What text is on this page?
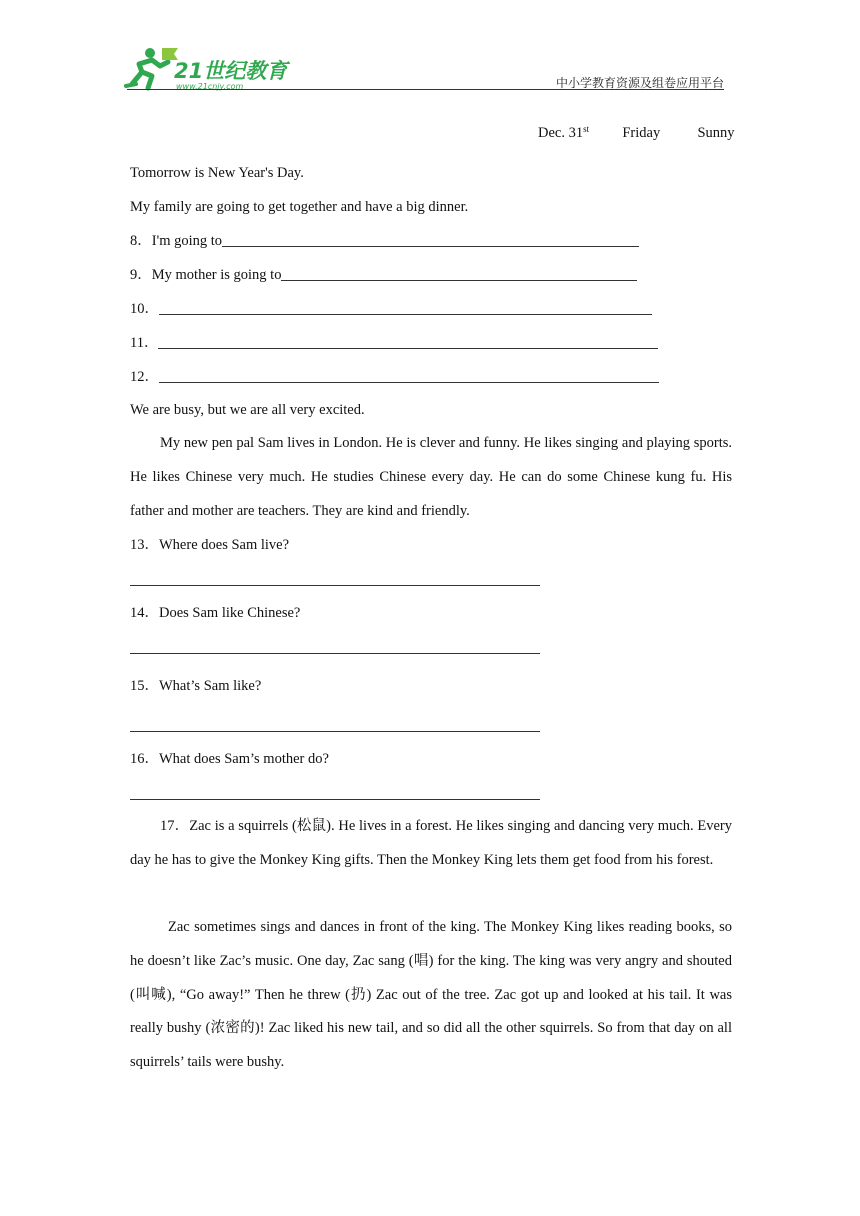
21世纪教育
www.21cnjy.com	中小学教育资源及组卷应用平台
Dec. 31st Friday	Sunny
Tomorrow is New Year's Day.
My family are going to get together and have a big dinner.
8．I'm going to
9．My mother is going to
10．
11．
12．
We are busy, but we are all very excited.
My new pen pal Sam lives in London. He is clever and funny. He likes singing and playing sports. He likes Chinese very much. He studies Chinese every day. He can do some Chinese kung fu. His father and mother are teachers. They are kind and friendly.
13．Where does Sam live?
14．Does Sam like Chinese?
15．What’s Sam like?
16．What does Sam’s mother do?
17．Zac is a squirrels (松鼠). He lives in a forest. He likes singing and dancing very much. Every day he has to give the Monkey King gifts. Then the Monkey King lets them get food from his forest.
Zac sometimes sings and dances in front of the king. The Monkey King likes reading books, so he doesn’t like Zac’s music. One day, Zac sang (唱) for the king. The king was very angry and shouted (叫喊), “Go away!” Then he threw (扔) Zac out of the tree. Zac got up and looked at his tail. It was really bushy (浓密的)! Zac liked his new tail, and so did all the other squirrels. So from that day on all squirrels’ tails were bushy.
